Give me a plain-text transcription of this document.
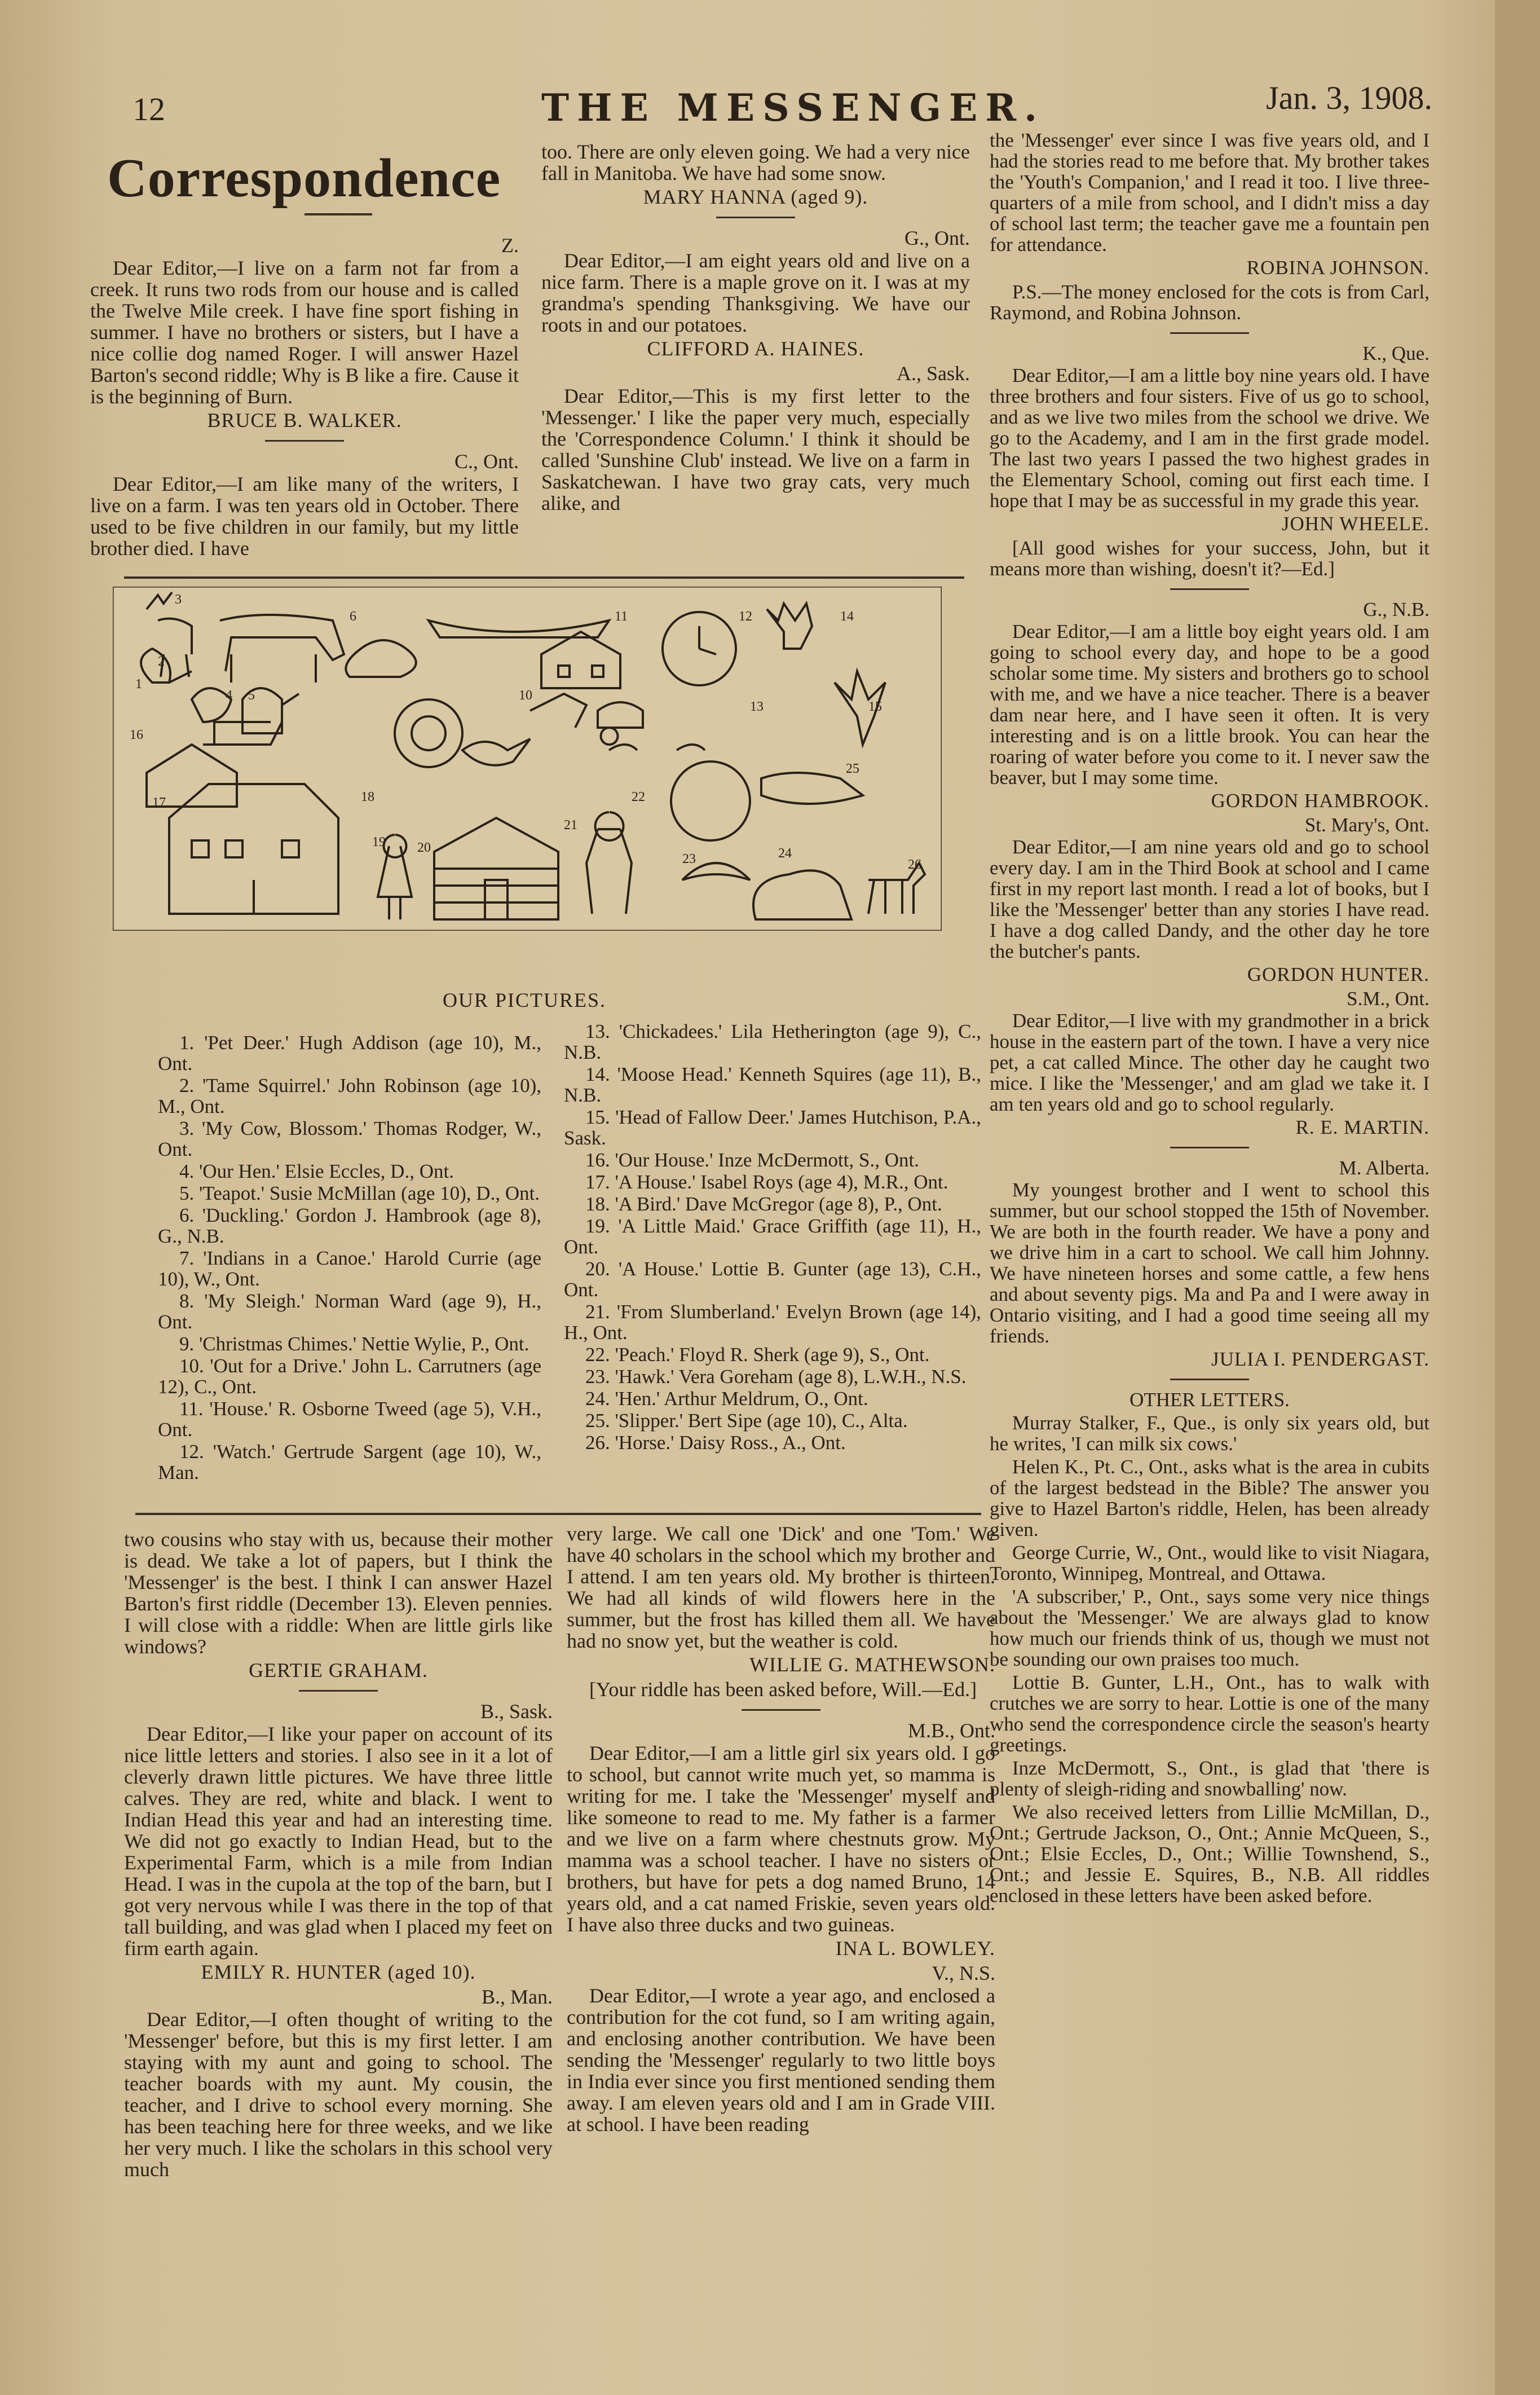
12	THE MESSENGER.	Jan. 3, 1908.
Correspondence

Z.

Dear Editor,—I live on a farm not far from a creek. It runs two rods from our house and is called the Twelve Mile creek. I have fine sport fishing in summer. I have no brothers or sisters, but I have a nice collie dog named Roger. I will answer Hazel Barton's second riddle; Why is B like a fire. Cause it is the beginning of Burn.

BRUCE B. WALKER.

C., Ont.

Dear Editor,—I am like many of the writers, I live on a farm. I was ten years old in October. There used to be five children in our family, but my little brother died. I have

too. There are only eleven going. We had a very nice fall in Manitoba. We have had some snow.

MARY HANNA (aged 9).

G., Ont.

Dear Editor,—I am eight years old and live on a nice farm. There is a maple grove on it. I was at my grandma's spending Thanksgiving. We have our roots in and our potatoes.

CLIFFORD A. HAINES.

A., Sask.

Dear Editor,—This is my first letter to the 'Messenger.' I like the paper very much, especially the 'Correspondence Column.' I think it should be called 'Sunshine Club' instead. We live on a farm in Saskatchewan. I have two gray cats, very much alike, and

3
2
6	11	12	14
4 5	10
13	15
16
17	18
19 20
21
22
23	24
25
26
1
OUR PICTURES.

1. 'Pet Deer.' Hugh Addison (age 10), M., Ont.

2. 'Tame Squirrel.' John Robinson (age 10), M., Ont.

3. 'My Cow, Blossom.' Thomas Rodger, W., Ont.

4. 'Our Hen.' Elsie Eccles, D., Ont.

5. 'Teapot.' Susie McMillan (age 10), D., Ont.

6. 'Duckling.' Gordon J. Hambrook (age 8), G., N.B.

7. 'Indians in a Canoe.' Harold Currie (age 10), W., Ont.

8. 'My Sleigh.' Norman Ward (age 9), H., Ont.

9. 'Christmas Chimes.' Nettie Wylie, P., Ont.

10. 'Out for a Drive.' John L. Carrutners (age 12), C., Ont.

11. 'House.' R. Osborne Tweed (age 5), V.H., Ont.

12. 'Watch.' Gertrude Sargent (age 10), W., Man.

13. 'Chickadees.' Lila Hetherington (age 9), C., N.B.

14. 'Moose Head.' Kenneth Squires (age 11), B., N.B.

15. 'Head of Fallow Deer.' James Hutchison, P.A., Sask.

16. 'Our House.' Inze McDermott, S., Ont.

17. 'A House.' Isabel Roys (age 4), M.R., Ont.

18. 'A Bird.' Dave McGregor (age 8), P., Ont.

19. 'A Little Maid.' Grace Griffith (age 11), H., Ont.

20. 'A House.' Lottie B. Gunter (age 13), C.H., Ont.

21. 'From Slumberland.' Evelyn Brown (age 14), H., Ont.

22. 'Peach.' Floyd R. Sherk (age 9), S., Ont.

23. 'Hawk.' Vera Goreham (age 8), L.W.H., N.S.

24. 'Hen.' Arthur Meldrum, O., Ont.

25. 'Slipper.' Bert Sipe (age 10), C., Alta.

26. 'Horse.' Daisy Ross., A., Ont.

two cousins who stay with us, because their mother is dead. We take a lot of papers, but I think the 'Messenger' is the best. I think I can answer Hazel Barton's first riddle (December 13). Eleven pennies. I will close with a riddle: When are little girls like windows?

GERTIE GRAHAM.

B., Sask.

Dear Editor,—I like your paper on account of its nice little letters and stories. I also see in it a lot of cleverly drawn little pictures. We have three little calves. They are red, white and black. I went to Indian Head this year and had an interesting time. We did not go exactly to Indian Head, but to the Experimental Farm, which is a mile from Indian Head. I was in the cupola at the top of the barn, but I got very nervous while I was there in the top of that tall building, and was glad when I placed my feet on firm earth again.

EMILY R. HUNTER (aged 10).

B., Man.

Dear Editor,—I often thought of writing to the 'Messenger' before, but this is my first letter. I am staying with my aunt and going to school. The teacher boards with my aunt. My cousin, the teacher, and I drive to school every morning. She has been teaching here for three weeks, and we like her very much. I like the scholars in this school very much

very large. We call one 'Dick' and one 'Tom.' We have 40 scholars in the school which my brother and I attend. I am ten years old. My brother is thirteen. We had all kinds of wild flowers here in the summer, but the frost has killed them all. We have had no snow yet, but the weather is cold.

WILLIE G. MATHEWSON.

[Your riddle has been asked before, Will.—Ed.]

M.B., Ont.

Dear Editor,—I am a little girl six years old. I go to school, but cannot write much yet, so mamma is writing for me. I take the 'Messenger' myself and like someone to read to me. My father is a farmer and we live on a farm where chestnuts grow. My mamma was a school teacher. I have no sisters or brothers, but have for pets a dog named Bruno, 14 years old, and a cat named Friskie, seven years old. I have also three ducks and two guineas.

INA L. BOWLEY.

V., N.S.

Dear Editor,—I wrote a year ago, and enclosed a contribution for the cot fund, so I am writing again, and enclosing another contribution. We have been sending the 'Messenger' regularly to two little boys in India ever since you first mentioned sending them away. I am eleven years old and I am in Grade VIII. at school. I have been reading

the 'Messenger' ever since I was five years old, and I had the stories read to me before that. My brother takes the 'Youth's Companion,' and I read it too. I live three-quarters of a mile from school, and I didn't miss a day of school last term; the teacher gave me a fountain pen for attendance.

ROBINA JOHNSON.

P.S.—The money enclosed for the cots is from Carl, Raymond, and Robina Johnson.

K., Que.

Dear Editor,—I am a little boy nine years old. I have three brothers and four sisters. Five of us go to school, and as we live two miles from the school we drive. We go to the Academy, and I am in the first grade model. The last two years I passed the two highest grades in the Elementary School, coming out first each time. I hope that I may be as successful in my grade this year.

JOHN WHEELE.

[All good wishes for your success, John, but it means more than wishing, doesn't it?—Ed.]

G., N.B.

Dear Editor,—I am a little boy eight years old. I am going to school every day, and hope to be a good scholar some time. My sisters and brothers go to school with me, and we have a nice teacher. There is a beaver dam near here, and I have seen it often. It is very interesting and is on a little brook. You can hear the roaring of water before you come to it. I never saw the beaver, but I may some time.

GORDON HAMBROOK.

St. Mary's, Ont.

Dear Editor,—I am nine years old and go to school every day. I am in the Third Book at school and I came first in my report last month. I read a lot of books, but I like the 'Messenger' better than any stories I have read. I have a dog called Dandy, and the other day he tore the butcher's pants.

GORDON HUNTER.

S.M., Ont.

Dear Editor,—I live with my grandmother in a brick house in the eastern part of the town. I have a very nice pet, a cat called Mince. The other day he caught two mice. I like the 'Messenger,' and am glad we take it. I am ten years old and go to school regularly.

R. E. MARTIN.

M. Alberta.

My youngest brother and I went to school this summer, but our school stopped the 15th of November. We are both in the fourth reader. We have a pony and we drive him in a cart to school. We call him Johnny. We have nineteen horses and some cattle, a few hens and about seventy pigs. Ma and Pa and I were away in Ontario visiting, and I had a good time seeing all my friends.

JULIA I. PENDERGAST.

OTHER LETTERS.

Murray Stalker, F., Que., is only six years old, but he writes, 'I can milk six cows.'

Helen K., Pt. C., Ont., asks what is the area in cubits of the largest bedstead in the Bible? The answer you give to Hazel Barton's riddle, Helen, has been already given.

George Currie, W., Ont., would like to visit Niagara, Toronto, Winnipeg, Montreal, and Ottawa.

'A subscriber,' P., Ont., says some very nice things about the 'Messenger.' We are always glad to know how much our friends think of us, though we must not be sounding our own praises too much.

Lottie B. Gunter, L.H., Ont., has to walk with crutches we are sorry to hear. Lottie is one of the many who send the correspondence circle the season's hearty greetings.

Inze McDermott, S., Ont., is glad that 'there is plenty of sleigh-riding and snowballing' now.

We also received letters from Lillie McMillan, D., Ont.; Gertrude Jackson, O., Ont.; Annie McQueen, S., Ont.; Elsie Eccles, D., Ont.; Willie Townshend, S., Ont.; and Jessie E. Squires, B., N.B. All riddles enclosed in these letters have been asked before.
